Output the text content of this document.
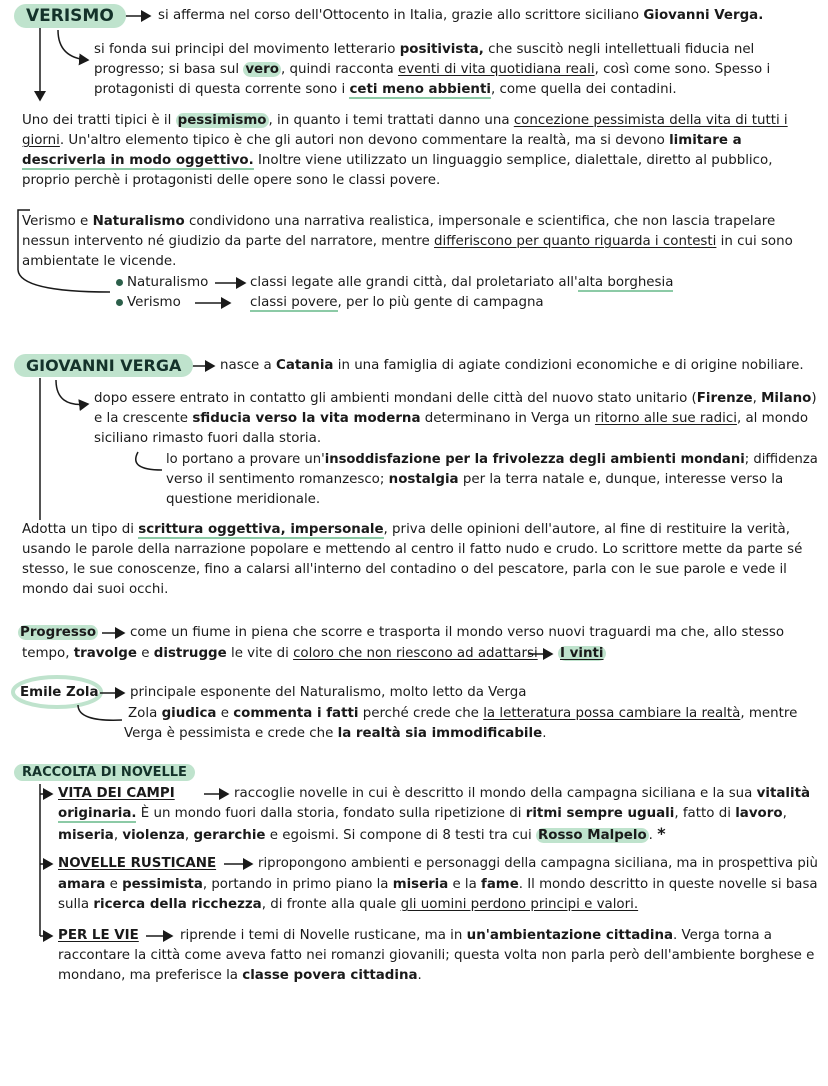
VERISMO	si afferma nel corso dell'Ottocento in Italia, grazie allo scrittore siciliano Giovanni Verga.
si fonda sui principi del movimento letterario positivista, che suscitò negli intellettuali fiducia nel
progresso; si basa sul vero , quindi racconta eventi di vita quotidiana reali, così come sono. Spesso i
protagonisti di questa corrente sono i ceti meno abbienti, come quella dei contadini.
Uno dei tratti tipici è il pessimismo , in quanto i temi trattati danno una concezione pessimista della vita di tutti i
giorni. Un'altro elemento tipico è che gli autori non devono commentare la realtà, ma si devono limitare a
descriverla in modo oggettivo. Inoltre viene utilizzato un linguaggio semplice, dialettale, diretto al pubblico,
proprio perchè i protagonisti delle opere sono le classi povere.
Verismo e Naturalismo condividono una narrativa realistica, impersonale e scientifica, che non lascia trapelare
nessun intervento né giudizio da parte del narratore, mentre differiscono per quanto riguarda i contesti in cui sono
ambientate le vicende.
Naturalismo	classi legate alle grandi città, dal proletariato all'alta borghesia
Verismo	classi povere, per lo più gente di campagna
GIOVANNI VERGA	nasce a Catania in una famiglia di agiate condizioni economiche e di origine nobiliare.
dopo essere entrato in contatto gli ambienti mondani delle città del nuovo stato unitario (Firenze, Milano)
e la crescente sfiducia verso la vita moderna determinano in Verga un ritorno alle sue radici, al mondo
siciliano rimasto fuori dalla storia.
lo portano a provare un'insoddisfazione per la frivolezza degli ambienti mondani; diffidenza
verso il sentimento romanzesco; nostalgia per la terra natale e, dunque, interesse verso la
questione meridionale.
Adotta un tipo di scrittura oggettiva, impersonale, priva delle opinioni dell'autore, al fine di restituire la verità,
usando le parole della narrazione popolare e mettendo al centro il fatto nudo e crudo. Lo scrittore mette da parte sé
stesso, le sue conoscenze, fino a calarsi all'interno del contadino o del pescatore, parla con le sue parole e vede il
mondo dai suoi occhi.
Progresso	come un fiume in piena che scorre e trasporta il mondo verso nuovi traguardi ma che, allo stesso
tempo, travolge e distrugge le vite di coloro che non riescono ad adattarsi I vinti
Emile Zola principale esponente del Naturalismo, molto letto da Verga
Zola giudica e commenta i fatti perché crede che la letteratura possa cambiare la realtà, mentre
Verga è pessimista e crede che la realtà sia immodificabile.
RACCOLTA DI NOVELLE
VITA DEI CAMPI	raccoglie novelle in cui è descritto il mondo della campagna siciliana e la sua vitalità
originaria. È un mondo fuori dalla storia, fondato sulla ripetizione di ritmi sempre uguali, fatto di lavoro,
miseria, violenza, gerarchie e egoismi. Si compone di 8 testi tra cui Rosso Malpelo . *
NOVELLE RUSTICANE	ripropongono ambienti e personaggi della campagna siciliana, ma in prospettiva più
amara e pessimista, portando in primo piano la miseria e la fame. Il mondo descritto in queste novelle si basa
sulla ricerca della ricchezza, di fronte alla quale gli uomini perdono principi e valori.
PER LE VIE	riprende i temi di Novelle rusticane, ma in un'ambientazione cittadina. Verga torna a
raccontare la città come aveva fatto nei romanzi giovanili; questa volta non parla però dell'ambiente borghese e
mondano, ma preferisce la classe povera cittadina.
